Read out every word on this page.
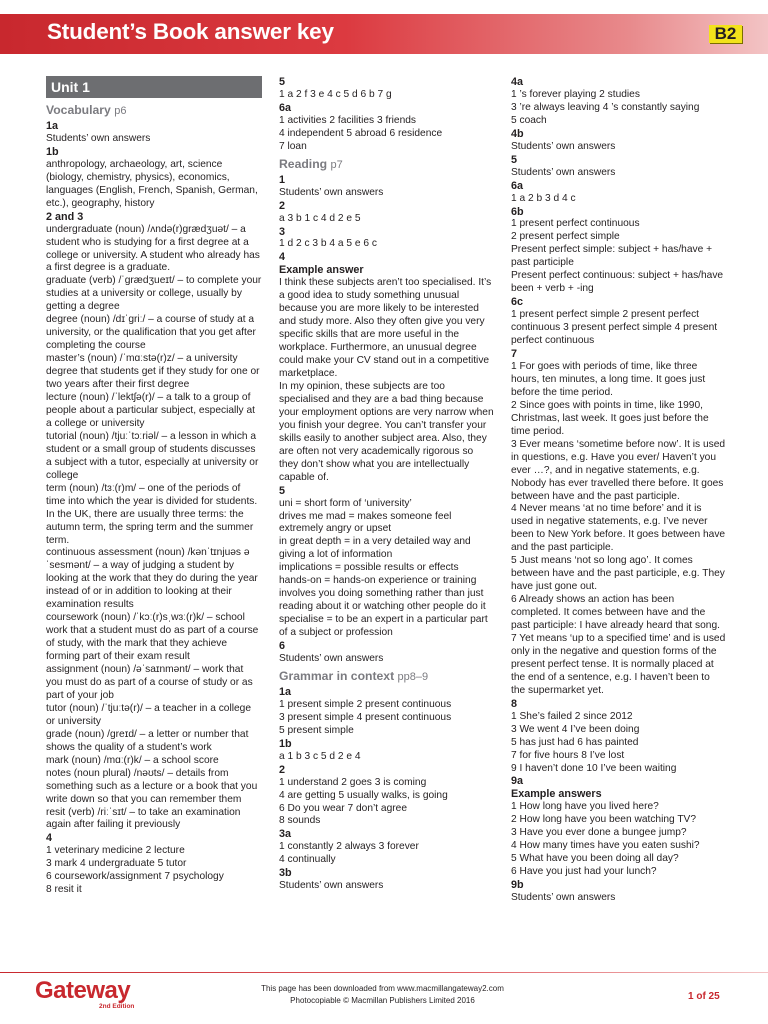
Student’s Book answer key	B2
Unit 1
Vocabulary p6
1a

Students’ own answers

1b

anthropology, archaeology, art, science (biology, chemistry, physics), economics, languages (English, French, Spanish, German, etc.), geography, history

2 and 3

undergraduate (noun) /ʌndə(r)grædʒuət/ – a student who is studying for a first degree at a college or university. A student who already has a first degree is a graduate.

graduate (verb) /ˈgrædʒueɪt/ – to complete your studies at a university or college, usually by getting a degree

degree (noun) /dɪˈgriː/ – a course of study at a university, or the qualification that you get after completing the course

master’s (noun) /ˈmɑːstə(r)z/ – a university degree that students get if they study for one or two years after their first degree

lecture (noun) /ˈlektʃə(r)/ – a talk to a group of people about a particular subject, especially at a college or university

tutorial (noun) /tjuːˈtɔːriəl/ – a lesson in which a student or a small group of students discusses a subject with a tutor, especially at university or college

term (noun) /tɜː(r)m/ – one of the periods of time into which the year is divided for students. In the UK, there are usually three terms: the autumn term, the spring term and the summer term.

continuous assessment (noun) /kənˈtɪnjuəs əˈsesmənt/ – a way of judging a student by looking at the work that they do during the year instead of or in addition to looking at their examination results

coursework (noun) /ˈkɔː(r)sˌwɜː(r)k/ – school work that a student must do as part of a course of study, with the mark that they achieve forming part of their exam result

assignment (noun) /əˈsaɪnmənt/ – work that you must do as part of a course of study or as part of your job

tutor (noun) /ˈtjuːtə(r)/ – a teacher in a college or university

grade (noun) /greɪd/ – a letter or number that shows the quality of a student’s work

mark (noun) /mɑː(r)k/ – a school score

notes (noun plural) /nəʊts/ – details from something such as a lecture or a book that you write down so that you can remember them

resit (verb) /riːˈsɪt/ – to take an examination again after failing it previously

4

1 veterinary medicine 2 lecture

3 mark 4 undergraduate 5 tutor

6 coursework/assignment 7 psychology

8 resit it

5

1 a 2 f 3 e 4 c 5 d 6 b 7 g

6a

1 activities 2 facilities 3 friends

4 independent 5 abroad 6 residence

7 loan

Reading p7
1

Students’ own answers

2

a 3 b 1 c 4 d 2 e 5

3

1 d 2 c 3 b 4 a 5 e 6 c

4
Example answer

I think these subjects aren’t too specialised. It’s a good idea to study something unusual because you are more likely to be interested and study more. Also they often give you very specific skills that are more useful in the workplace. Furthermore, an unusual degree could make your CV stand out in a competitive marketplace.

In my opinion, these subjects are too specialised and they are a bad thing because your employment options are very narrow when you finish your degree. You can’t transfer your skills easily to another subject area. Also, they are often not very academically rigorous so they don’t show what you are intellectually capable of.

5

uni = short form of ‘university’

drives me mad = makes someone feel extremely angry or upset

in great depth = in a very detailed way and giving a lot of information

implications = possible results or effects

hands-on = hands-on experience or training involves you doing something rather than just reading about it or watching other people do it

specialise = to be an expert in a particular part of a subject or profession

6

Students’ own answers

Grammar in context pp8–9
1a

1 present simple 2 present continuous

3 present simple 4 present continuous

5 present simple

1b

a 1 b 3 c 5 d 2 e 4

2

1 understand 2 goes 3 is coming

4 are getting 5 usually walks, is going

6 Do you wear 7 don’t agree

8 sounds

3a

1 constantly 2 always 3 forever

4 continually

3b

Students’ own answers

4a

1 ’s forever playing 2 studies

3 ’re always leaving 4 ’s constantly saying

5 coach

4b

Students’ own answers

5

Students’ own answers

6a

1 a 2 b 3 d 4 c

6b

1 present perfect continuous

2 present perfect simple

Present perfect simple: subject + has/have + past participle

Present perfect continuous: subject + has/have been + verb + -ing

6c

1 present perfect simple 2 present perfect continuous 3 present perfect simple 4 present perfect continuous

7

1 For goes with periods of time, like three hours, ten minutes, a long time. It goes just before the time period.

2 Since goes with points in time, like 1990, Christmas, last week. It goes just before the time period.

3 Ever means ‘sometime before now’. It is used in questions, e.g. Have you ever/ Haven’t you ever …?, and in negative statements, e.g. Nobody has ever travelled there before. It goes between have and the past participle.

4 Never means ‘at no time before’ and it is used in negative statements, e.g. I’ve never been to New York before. It goes between have and the past participle.

5 Just means ‘not so long ago’. It comes between have and the past participle, e.g. They have just gone out.

6 Already shows an action has been completed. It comes between have and the past participle: I have already heard that song.

7 Yet means ‘up to a specified time’ and is used only in the negative and question forms of the present perfect tense. It is normally placed at the end of a sentence, e.g. I haven’t been to the supermarket yet.

8

1 She’s failed 2 since 2012

3 We went 4 I’ve been doing

5 has just had 6 has painted

7 for five hours 8 I’ve lost

9 I haven’t done 10 I’ve been waiting

9a
Example answers

1 How long have you lived here?

2 How long have you been watching TV?

3 Have you ever done a bungee jump?

4 How many times have you eaten sushi?

5 What have you been doing all day?

6 Have you just had your lunch?

9b

Students’ own answers

Gateway
2nd Edition
This page has been downloaded from www.macmillangateway2.com
Photocopiable © Macmillan Publishers Limited 2016	1 of 25
